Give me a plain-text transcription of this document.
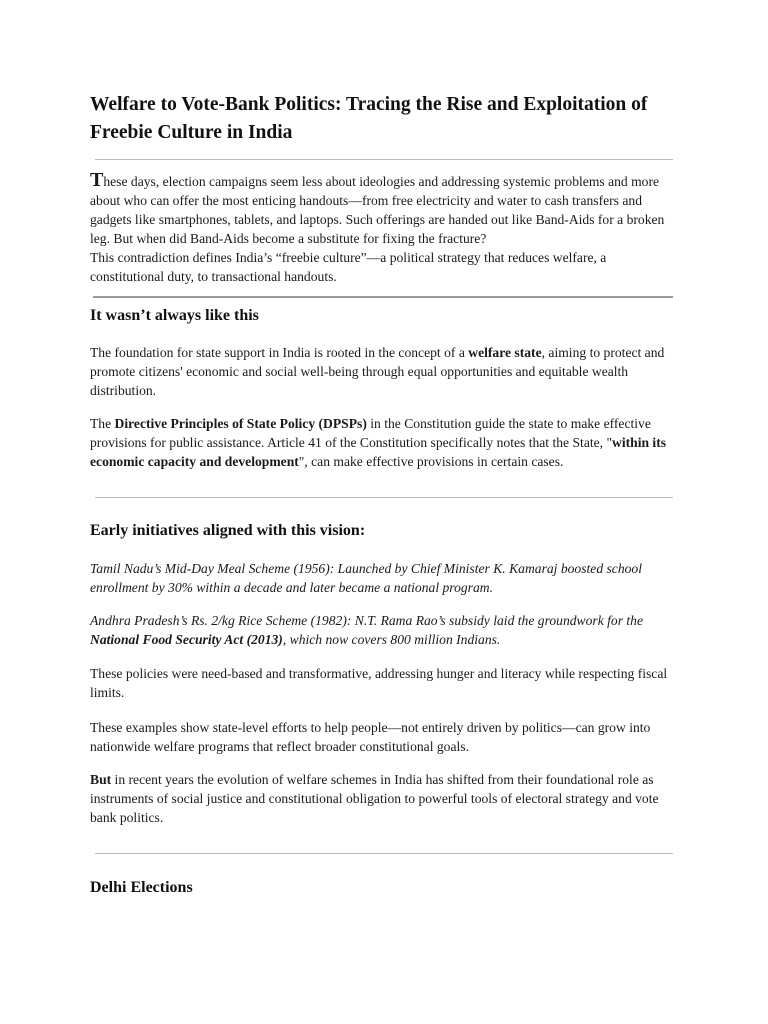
Welfare to Vote-Bank Politics: Tracing the Rise and Exploitation of Freebie Culture in India

These days, election campaigns seem less about ideologies and addressing systemic problems and more about who can offer the most enticing handouts—from free electricity and water to cash transfers and gadgets like smartphones, tablets, and laptops. Such offerings are handed out like Band-Aids for a broken leg. But when did Band-Aids become a substitute for fixing the fracture?
This contradiction defines India’s “freebie culture”—a political strategy that reduces welfare, a constitutional duty, to transactional handouts.

It wasn’t always like this

The foundation for state support in India is rooted in the concept of a welfare state, aiming to protect and promote citizens' economic and social well-being through equal opportunities and equitable wealth distribution.

The Directive Principles of State Policy (DPSPs) in the Constitution guide the state to make effective provisions for public assistance. Article 41 of the Constitution specifically notes that the State, "within its economic capacity and development", can make effective provisions in certain cases.

Early initiatives aligned with this vision:

Tamil Nadu’s Mid-Day Meal Scheme (1956): Launched by Chief Minister K. Kamaraj boosted school enrollment by 30% within a decade and later became a national program.

Andhra Pradesh’s Rs. 2/kg Rice Scheme (1982): N.T. Rama Rao’s subsidy laid the groundwork for the National Food Security Act (2013), which now covers 800 million Indians.

These policies were need-based and transformative, addressing hunger and literacy while respecting fiscal limits.

These examples show state-level efforts to help people—not entirely driven by politics—can grow into nationwide welfare programs that reflect broader constitutional goals.

But in recent years the evolution of welfare schemes in India has shifted from their foundational role as instruments of social justice and constitutional obligation to powerful tools of electoral strategy and vote bank politics.

Delhi Elections
